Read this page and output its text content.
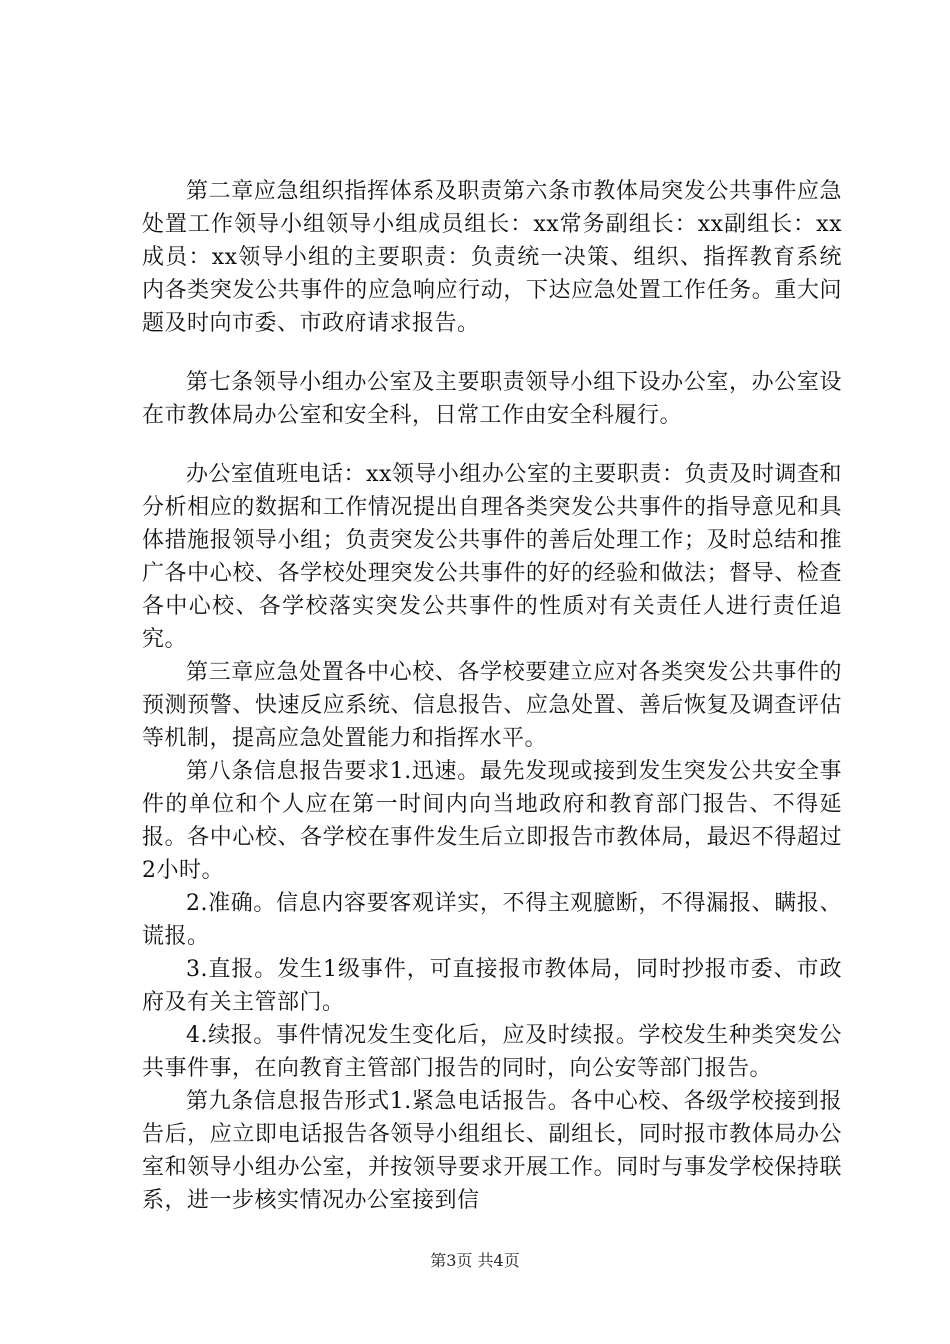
第二章应急组织指挥体系及职责第六条市教体局突发公共事件应急处置工作领导小组领导小组成员组长：xx常务副组长：xx副组长：xx成员：xx领导小组的主要职责：负责统一决策、组织、指挥教育系统内各类突发公共事件的应急响应行动，下达应急处置工作任务。重大问题及时向市委、市政府请求报告。

第七条领导小组办公室及主要职责领导小组下设办公室，办公室设在市教体局办公室和安全科，日常工作由安全科履行。

办公室值班电话：xx领导小组办公室的主要职责：负责及时调查和分析相应的数据和工作情况提出自理各类突发公共事件的指导意见和具体措施报领导小组；负责突发公共事件的善后处理工作；及时总结和推广各中心校、各学校处理突发公共事件的好的经验和做法；督导、检查各中心校、各学校落实突发公共事件的性质对有关责任人进行责任追究。

第三章应急处置各中心校、各学校要建立应对各类突发公共事件的预测预警、快速反应系统、信息报告、应急处置、善后恢复及调查评估等机制，提高应急处置能力和指挥水平。

第八条信息报告要求1.迅速。最先发现或接到发生突发公共安全事件的单位和个人应在第一时间内向当地政府和教育部门报告、不得延报。各中心校、各学校在事件发生后立即报告市教体局，最迟不得超过2小时。

2.准确。信息内容要客观详实，不得主观臆断，不得漏报、瞒报、谎报。

3.直报。发生1级事件，可直接报市教体局，同时抄报市委、市政府及有关主管部门。

4.续报。事件情况发生变化后，应及时续报。学校发生种类突发公共事件事，在向教育主管部门报告的同时，向公安等部门报告。

第九条信息报告形式1.紧急电话报告。各中心校、各级学校接到报告后，应立即电话报告各领导小组组长、副组长，同时报市教体局办公室和领导小组办公室，并按领导要求开展工作。同时与事发学校保持联系，进一步核实情况办公室接到信

第3页 共4页
